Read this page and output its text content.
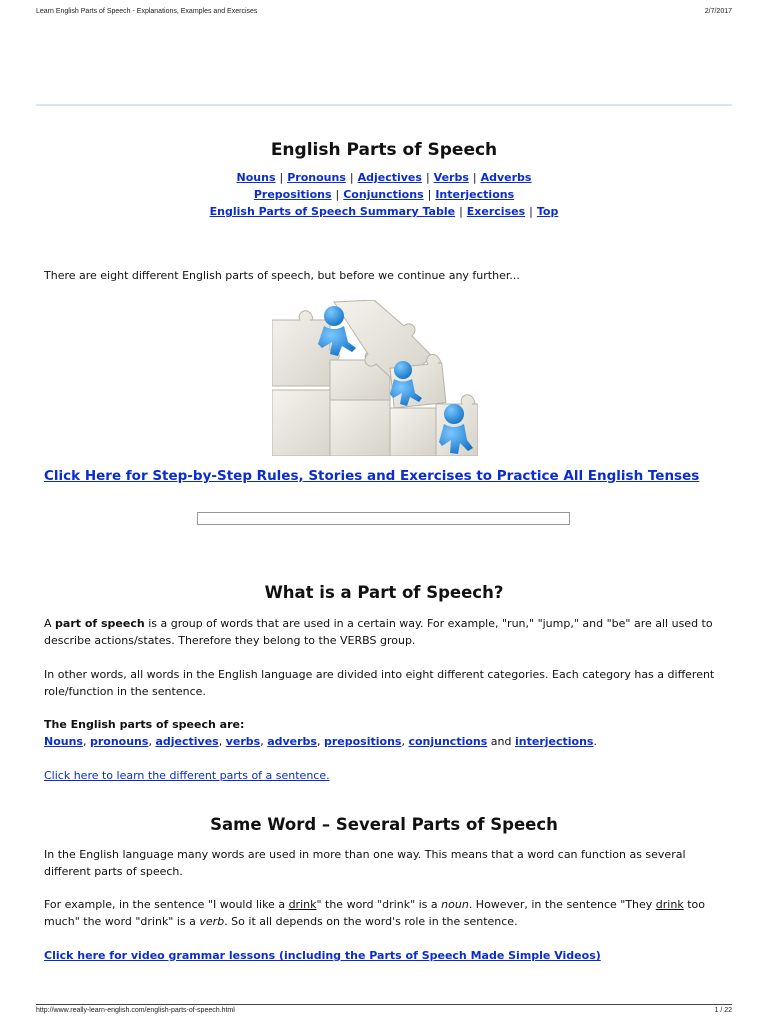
Learn English Parts of Speech - Explanations, Examples and Exercises	2/7/2017
English Parts of Speech
Nouns | Pronouns | Adjectives | Verbs | Adverbs
Prepositions | Conjunctions | Interjections
English Parts of Speech Summary Table | Exercises | Top

There are eight different English parts of speech, but before we continue any further...

Click Here for Step-by-Step Rules, Stories and Exercises to Practice All English Tenses
What is a Part of Speech?

A part of speech is a group of words that are used in a certain way. For example, "run," "jump," and "be" are all used to describe actions/states. Therefore they belong to the VERBS group.

In other words, all words in the English language are divided into eight different categories. Each category has a different role/function in the sentence.

The English parts of speech are:
Nouns, pronouns, adjectives, verbs, adverbs, prepositions, conjunctions and interjections.

Click here to learn the different parts of a sentence.

Same Word – Several Parts of Speech

In the English language many words are used in more than one way. This means that a word can function as several different parts of speech.

For example, in the sentence "I would like a drink" the word "drink" is a noun. However, in the sentence "They drink too much" the word "drink" is a verb. So it all depends on the word's role in the sentence.

Click here for video grammar lessons (including the Parts of Speech Made Simple Videos)

http://www.really-learn-english.com/english-parts-of-speech.html	1 / 22
